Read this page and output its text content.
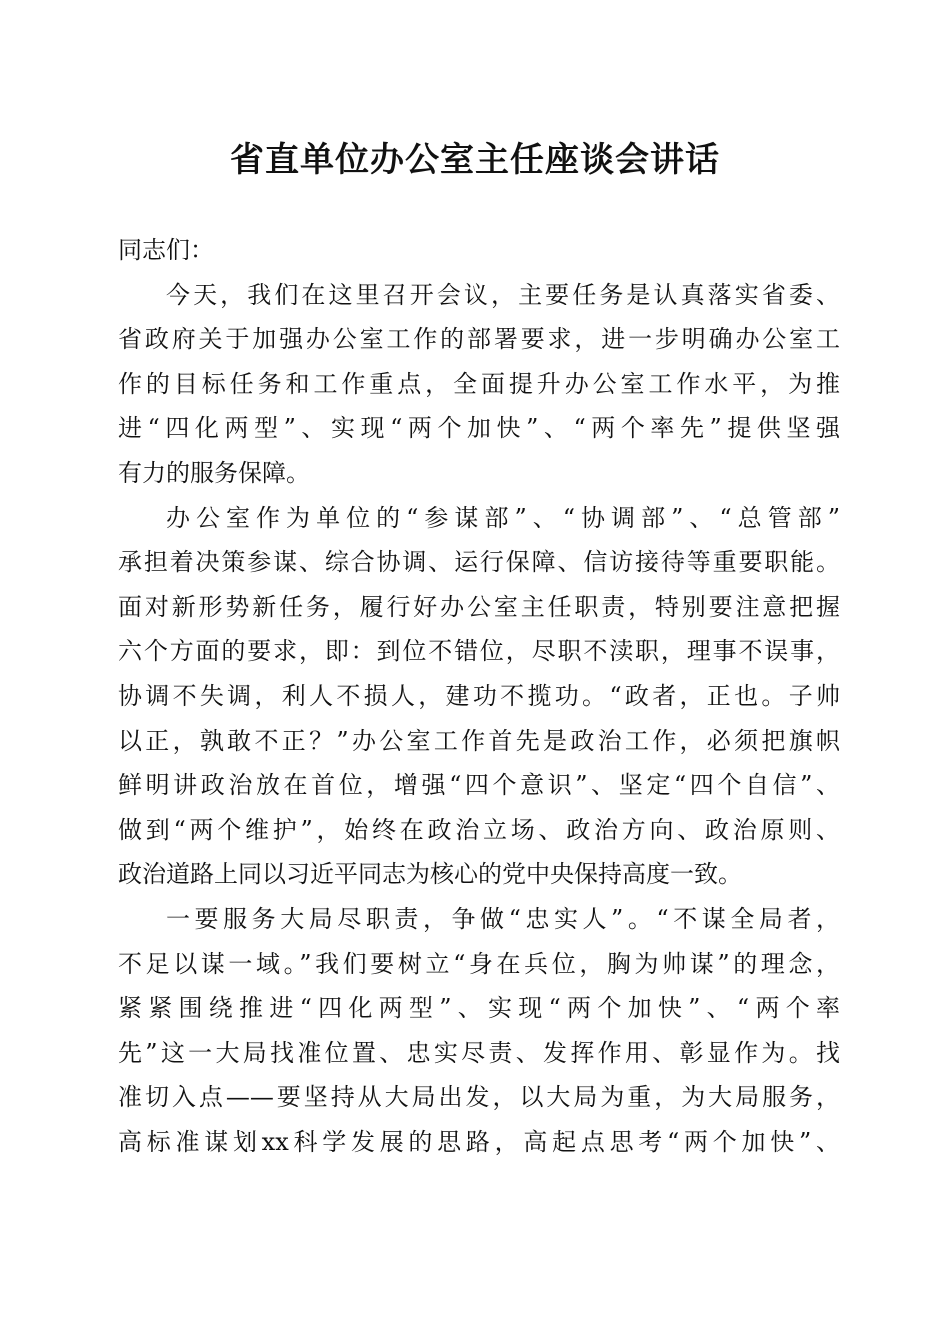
省直单位办公室主任座谈会讲话
同志们：
今天，我们在这里召开会议，主要任务是认真落实省委、
省政府关于加强办公室工作的部署要求，进一步明确办公室工
作的目标任务和工作重点，全面提升办公室工作水平，为推
进“四化两型”、实现“两个加快”、“两个率先”提供坚强
有力的服务保障。
办公室作为单位的“参谋部”、“协调部”、“总管部”
承担着决策参谋、综合协调、运行保障、信访接待等重要职能。
面对新形势新任务，履行好办公室主任职责，特别要注意把握
六个方面的要求，即：到位不错位，尽职不渎职，理事不误事，
协调不失调，利人不损人，建功不揽功。“政者，正也。子帅
以正，孰敢不正？”办公室工作首先是政治工作，必须把旗帜
鲜明讲政治放在首位，增强“四个意识”、坚定“四个自信”、
做到“两个维护”，始终在政治立场、政治方向、政治原则、
政治道路上同以习近平同志为核心的党中央保持高度一致。
一要服务大局尽职责，争做“忠实人”。“不谋全局者，
不足以谋一域。”我们要树立“身在兵位，胸为帅谋”的理念，
紧紧围绕推进“四化两型”、实现“两个加快”、“两个率
先”这一大局找准位置、忠实尽责、发挥作用、彰显作为。找
准切入点——要坚持从大局出发，以大局为重，为大局服务，
高标准谋划xx科学发展的思路，高起点思考“两个加快”、
